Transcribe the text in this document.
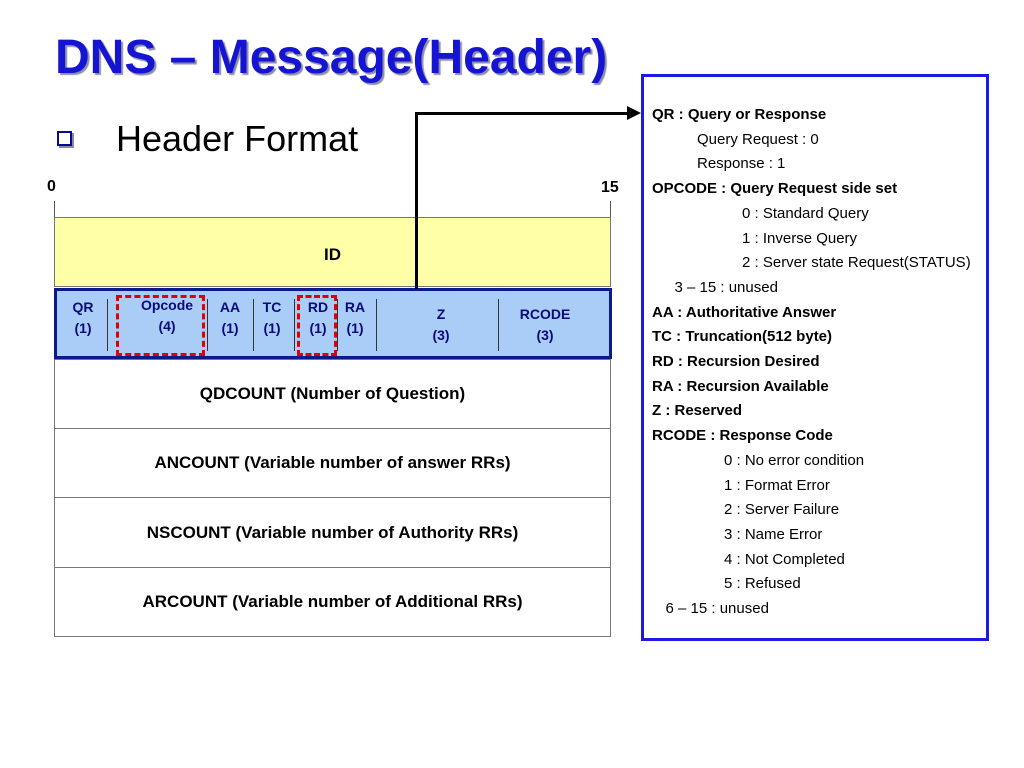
DNS – Message(Header)
Header Format
0	15
ID
QR
(1)
Opcode
(4)
AA
(1)
TC
(1)
RD
(1)
RA
(1)
Z
(3)
RCODE
(3)
QDCOUNT (Number of Question)
ANCOUNT (Variable number of answer RRs)
NSCOUNT (Variable number of Authority RRs)
ARCOUNT (Variable number of Additional RRs)
QR : Query or Response
Query Request : 0
Response : 1
OPCODE : Query Request side set
0 : Standard Query
1 : Inverse Query
2 : Server state Request(STATUS)
3 – 15 : unused
AA : Authoritative Answer
TC : Truncation(512 byte)
RD : Recursion Desired
RA : Recursion Available
Z : Reserved
RCODE : Response Code
0 : No error condition
1 : Format Error
2 : Server Failure
3 : Name Error
4 : Not Completed
5 : Refused
6 – 15 : unused
